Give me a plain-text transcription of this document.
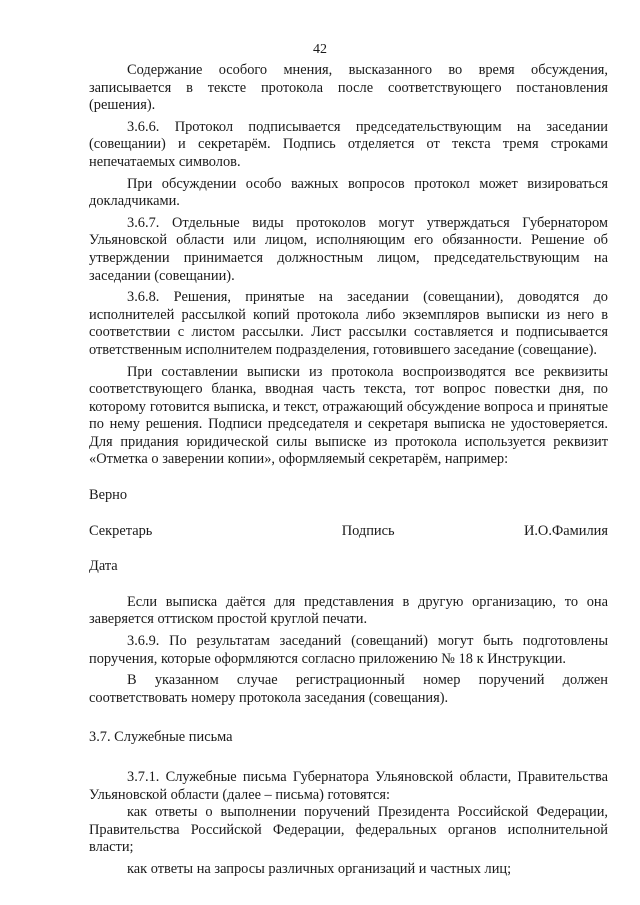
42

Содержание особого мнения, высказанного во время обсуждения, записывается в тексте протокола после соответствующего постановления (решения).

3.6.6. Протокол подписывается председательствующим на заседании (совещании) и секретарём. Подпись отделяется от текста тремя строками непечатаемых символов.

При обсуждении особо важных вопросов протокол может визироваться докладчиками.

3.6.7. Отдельные виды протоколов могут утверждаться Губернатором Ульяновской области или лицом, исполняющим его обязанности. Решение об утверждении принимается должностным лицом, председательствующим на заседании (совещании).

3.6.8. Решения, принятые на заседании (совещании), доводятся до исполнителей рассылкой копий протокола либо экземпляров выписки из него в соответствии с листом рассылки. Лист рассылки составляется и подписывается ответственным исполнителем подразделения, готовившего заседание (совещание).

При составлении выписки из протокола воспроизводятся все реквизиты соответствующего бланка, вводная часть текста, тот вопрос повестки дня, по которому готовится выписка, и текст, отражающий обсуждение вопроса и принятые по нему решения. Подписи председателя и секретаря выписка не удостоверяется. Для придания юридической силы выписке из протокола используется реквизит «Отметка о заверении копии», оформляемый секретарём, например:

Верно

Секретарь	Подпись	И.О.Фамилия

Дата

Если выписка даётся для представления в другую организацию, то она заверяется оттиском простой круглой печати.

3.6.9. По результатам заседаний (совещаний) могут быть подготовлены поручения, которые оформляются согласно приложению № 18 к Инструкции.

В указанном случае регистрационный номер поручений должен соответствовать номеру протокола заседания (совещания).

3.7. Служебные письма

3.7.1. Служебные письма Губернатора Ульяновской области, Правительства Ульяновской области (далее – письма) готовятся:

как ответы о выполнении поручений Президента Российской Федерации, Правительства Российской Федерации, федеральных органов исполнительной власти;

как ответы на запросы различных организаций и частных лиц;
